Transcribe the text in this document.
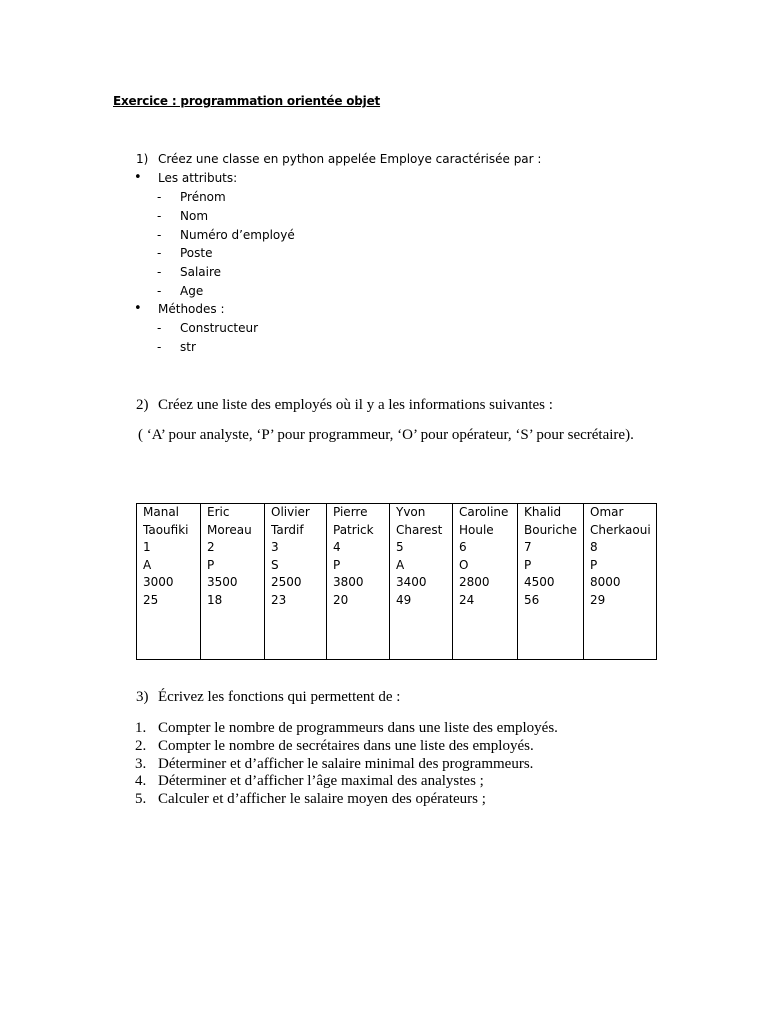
Exercice : programmation orientée objet
1) Créez une classe en python appelée Employe caractérisée par :
• Les attributs:
- Prénom
- Nom
- Numéro d’employé
- Poste
- Salaire
- Age
• Méthodes :
- Constructeur
- str
2) Créez une liste des employés où il y a les informations suivantes :
( ‘A’ pour analyste, ‘P’ pour programmeur, ‘O’ pour opérateur, ‘S’ pour secrétaire).
Manal
Taoufiki
1
A
3000
25

Eric
Moreau
2
P
3500
18

Olivier
Tardif
3
S
2500
23

Pierre
Patrick
4
P
3800
20

Yvon
Charest
5
A
3400
49

Caroline
Houle
6
O
2800
24

Khalid
Bouriche
7
P
4500
56

Omar
Cherkaoui
8
P
8000
29
3) Écrivez les fonctions qui permettent de :
1. Compter le nombre de programmeurs dans une liste des employés.
2. Compter le nombre de secrétaires dans une liste des employés.
3. Déterminer et d’afficher le salaire minimal des programmeurs.
4. Déterminer et d’afficher l’âge maximal des analystes ;
5. Calculer et d’afficher le salaire moyen des opérateurs ;
